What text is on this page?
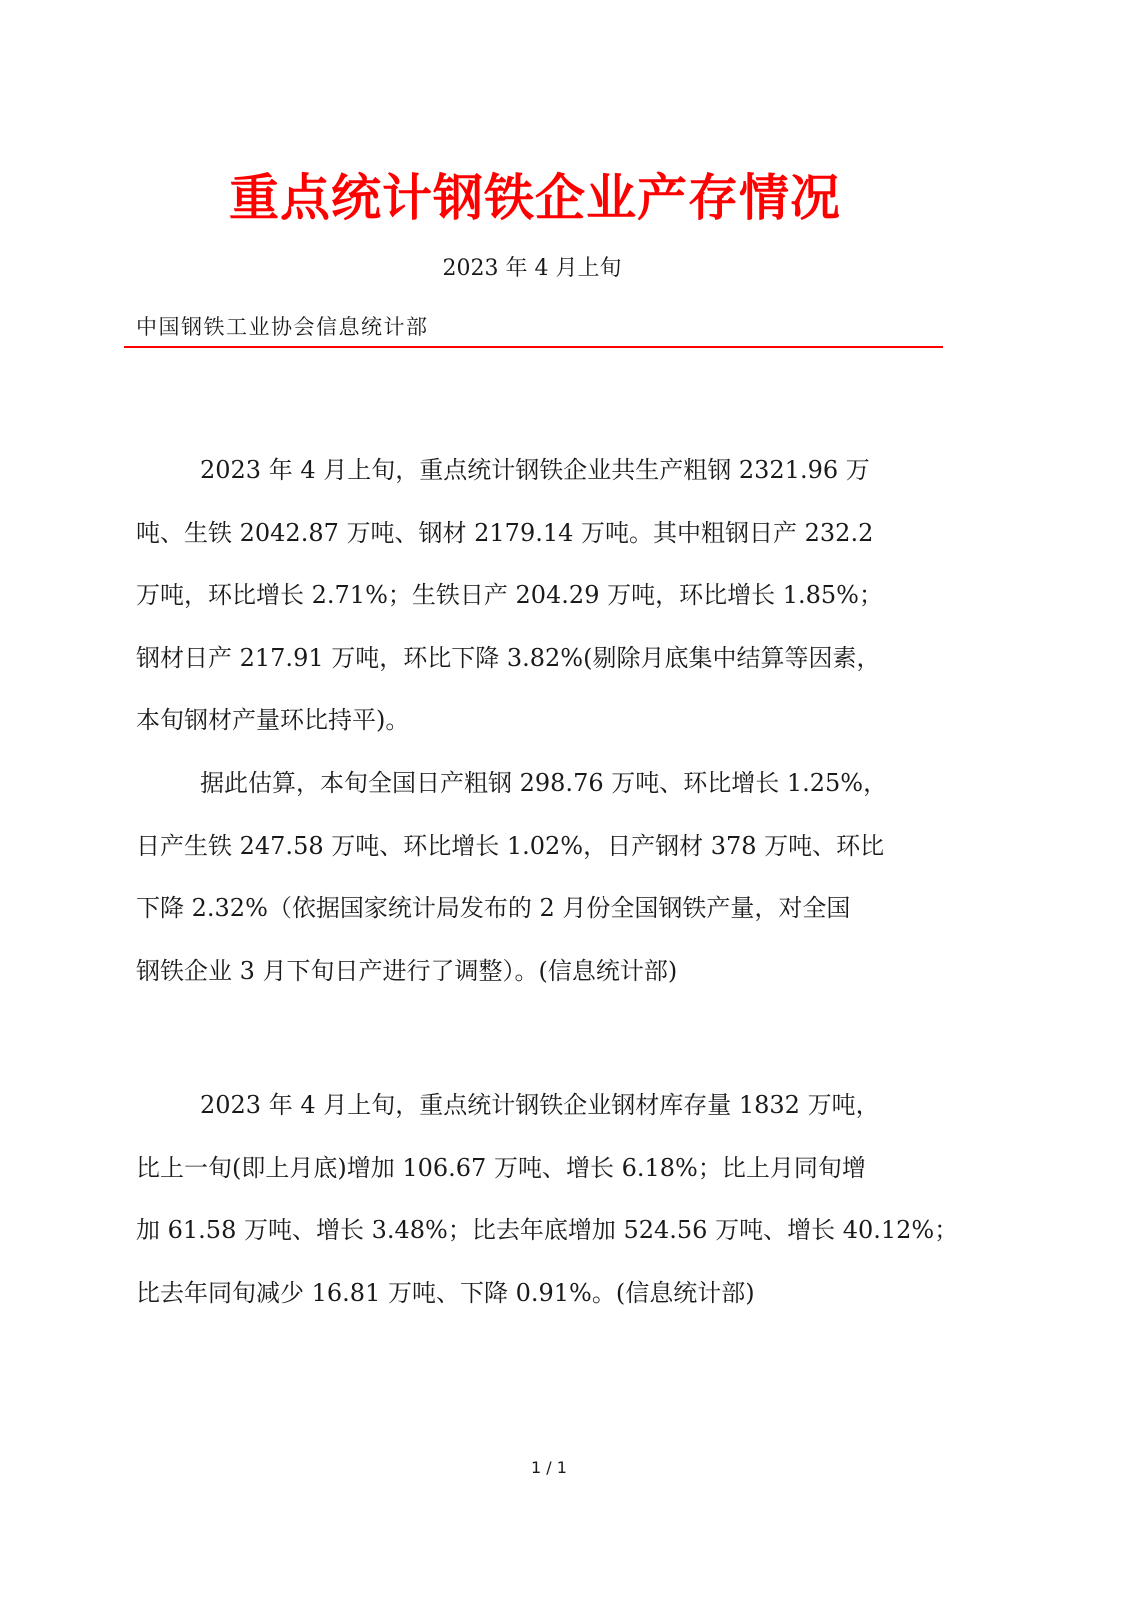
重点统计钢铁企业产存情况
2023 年 4 月上旬
中国钢铁工业协会信息统计部
2023 年 4 月上旬，重点统计钢铁企业共生产粗钢 2321.96 万
吨、生铁 2042.87 万吨、钢材 2179.14 万吨。其中粗钢日产 232.2
万吨，环比增长 2.71%；生铁日产 204.29 万吨，环比增长 1.85%；
钢材日产 217.91 万吨，环比下降 3.82%(剔除月底集中结算等因素，
本旬钢材产量环比持平)。
据此估算，本旬全国日产粗钢 298.76 万吨、环比增长 1.25%，
日产生铁 247.58 万吨、环比增长 1.02%，日产钢材 378 万吨、环比
下降 2.32%（依据国家统计局发布的 2 月份全国钢铁产量，对全国
钢铁企业 3 月下旬日产进行了调整）。(信息统计部)
2023 年 4 月上旬，重点统计钢铁企业钢材库存量 1832 万吨，
比上一旬(即上月底)增加 106.67 万吨、增长 6.18%；比上月同旬增
加 61.58 万吨、增长 3.48%；比去年底增加 524.56 万吨、增长 40.12%；
比去年同旬减少 16.81 万吨、下降 0.91%。(信息统计部)
1 / 1
